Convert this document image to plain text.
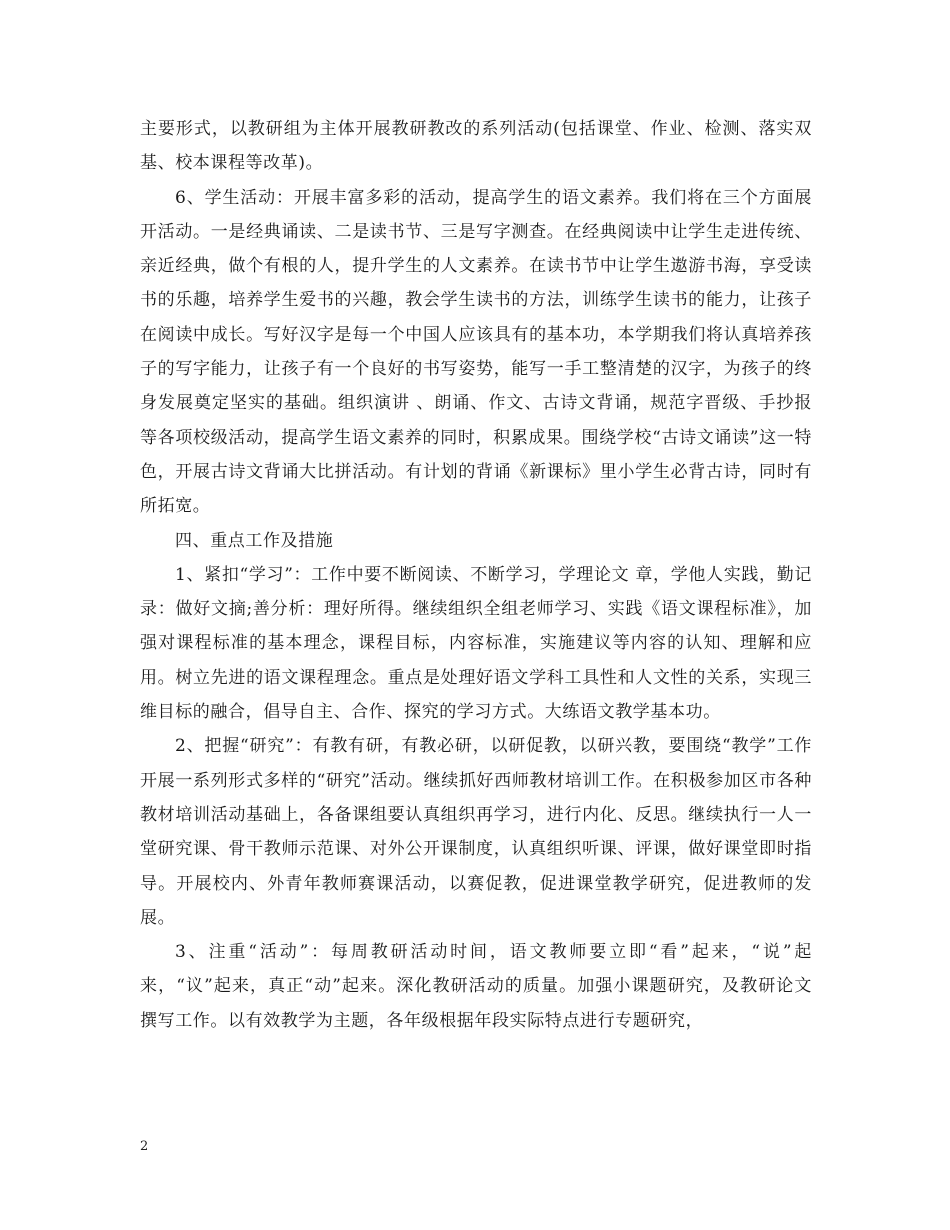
主要形式，以教研组为主体开展教研教改的系列活动(包括课堂、作业、检测、落实双基、校本课程等改革)。

6、学生活动：开展丰富多彩的活动，提高学生的语文素养。我们将在三个方面展开活动。一是经典诵读、二是读书节、三是写字测查。在经典阅读中让学生走进传统、亲近经典，做个有根的人，提升学生的人文素养。在读书节中让学生遨游书海，享受读书的乐趣，培养学生爱书的兴趣，教会学生读书的方法，训练学生读书的能力，让孩子在阅读中成长。写好汉字是每一个中国人应该具有的基本功，本学期我们将认真培养孩子的写字能力，让孩子有一个良好的书写姿势，能写一手工整清楚的汉字，为孩子的终身发展奠定坚实的基础。组织演讲 、朗诵、作文、古诗文背诵，规范字晋级、手抄报等各项校级活动，提高学生语文素养的同时，积累成果。围绕学校“古诗文诵读”这一特色，开展古诗文背诵大比拼活动。有计划的背诵《新课标》里小学生必背古诗，同时有所拓宽。

四、重点工作及措施

1、紧扣“学习”：工作中要不断阅读、不断学习，学理论文 章，学他人实践，勤记录：做好文摘;善分析：理好所得。继续组织全组老师学习、实践《语文课程标准》，加强对课程标准的基本理念，课程目标，内容标准，实施建议等内容的认知、理解和应用。树立先进的语文课程理念。重点是处理好语文学科工具性和人文性的关系，实现三维目标的融合，倡导自主、合作、探究的学习方式。大练语文教学基本功。

2、把握“研究”：有教有研，有教必研，以研促教，以研兴教，要围绕“教学”工作开展一系列形式多样的“研究”活动。继续抓好西师教材培训工作。在积极参加区市各种教材培训活动基础上，各备课组要认真组织再学习，进行内化、反思。继续执行一人一堂研究课、骨干教师示范课、对外公开课制度，认真组织听课、评课，做好课堂即时指导。开展校内、外青年教师赛课活动，以赛促教，促进课堂教学研究，促进教师的发展。

3、注重“活动”：每周教研活动时间，语文教师要立即“看”起来，“说”起来，“议”起来，真正“动”起来。深化教研活动的质量。加强小课题研究，及教研论文 撰写工作。以有效教学为主题，各年级根据年段实际特点进行专题研究，

2
